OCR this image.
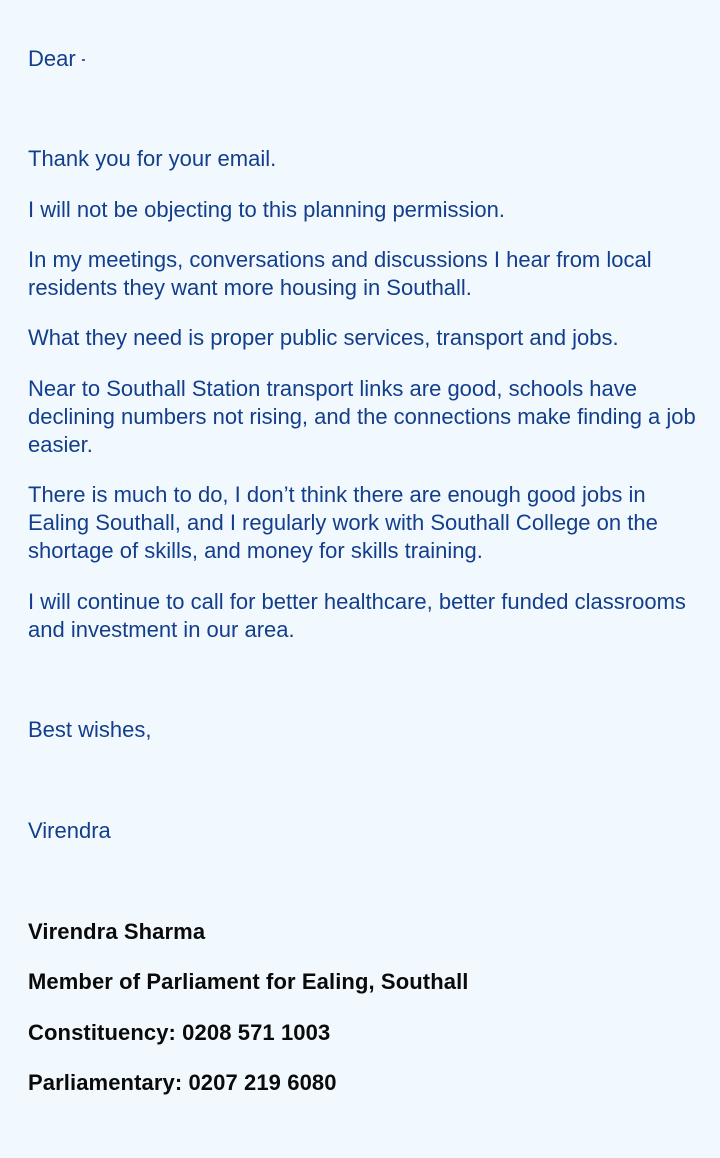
Dear

Thank you for your email.

I will not be objecting to this planning permission.

In my meetings, conversations and discussions I hear from local residents they want more housing in Southall.

What they need is proper public services, transport and jobs.

Near to Southall Station transport links are good, schools have declining numbers not rising, and the connections make finding a job easier.

There is much to do, I don’t think there are enough good jobs in Ealing Southall, and I regularly work with Southall College on the shortage of skills, and money for skills training.

I will continue to call for better healthcare, better funded classrooms and investment in our area.

Best wishes,

Virendra

Virendra Sharma

Member of Parliament for Ealing, Southall

Constituency: 0208 571 1003

Parliamentary: 0207 219 6080
